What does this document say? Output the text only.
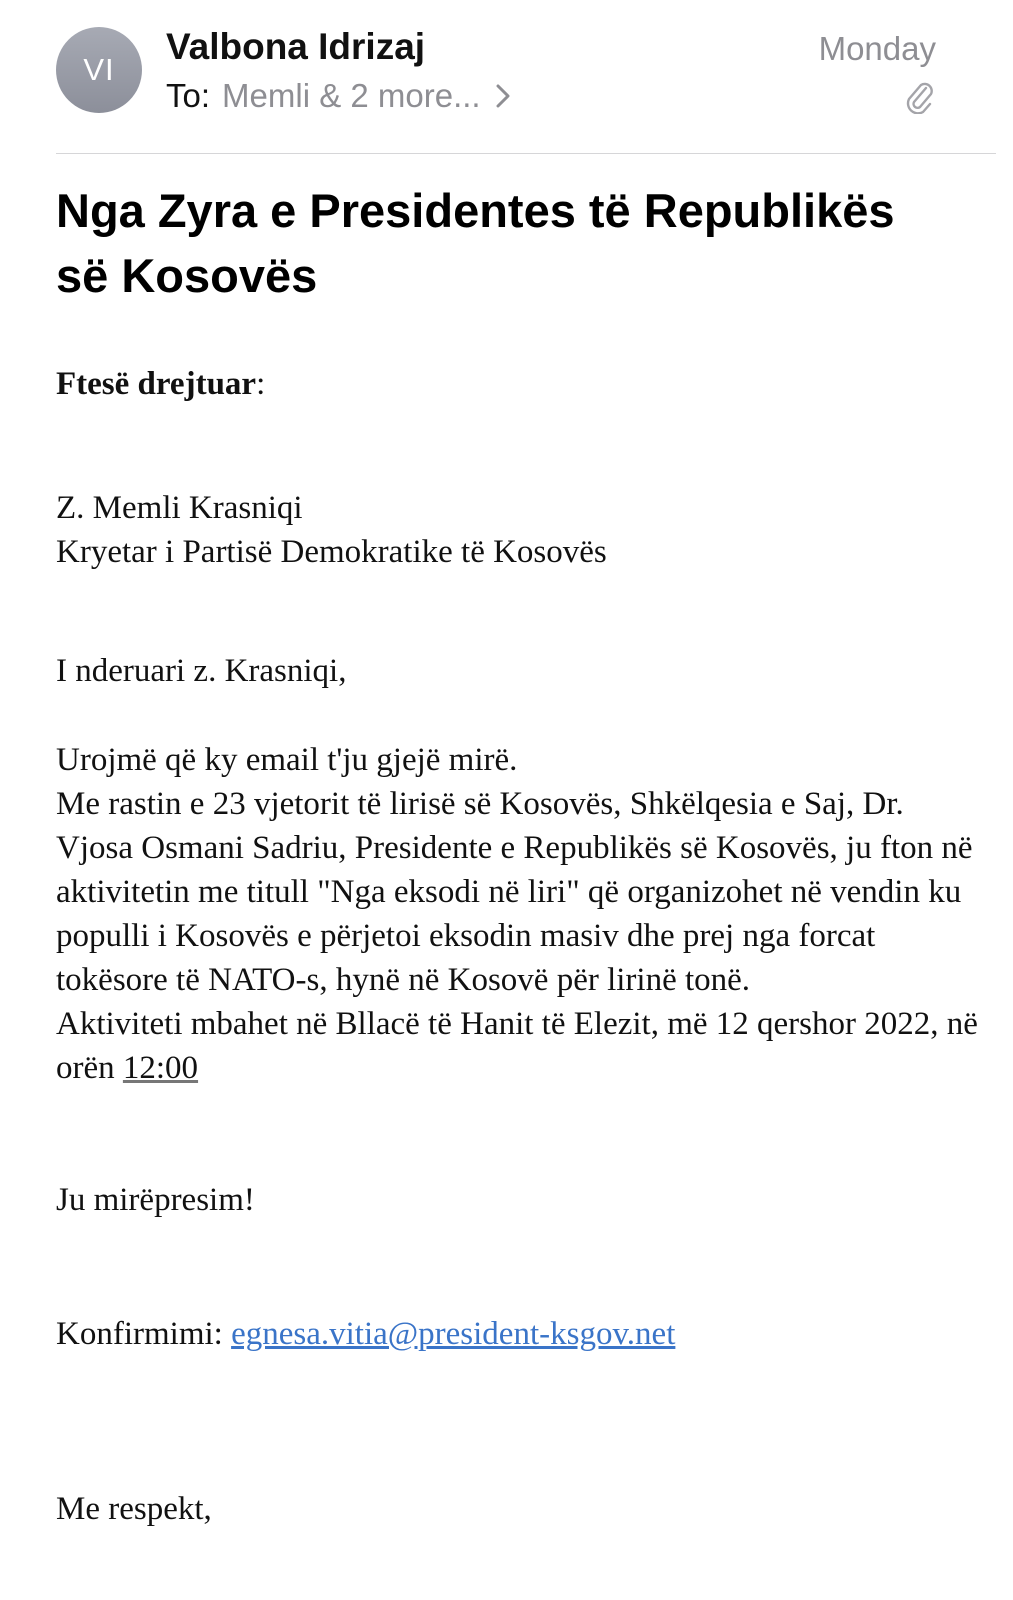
VI
Valbona Idrizaj
To: Memli & 2 more...
Monday
Nga Zyra e Presidentes të Republikës së Kosovës
Ftesë drejtuar:

Z. Memli Krasniqi

Kryetar i Partisë Demokratike të Kosovës

I nderuari z. Krasniqi,

Urojmë që ky email t'ju gjejë mirë.

Me rastin e 23 vjetorit të lirisë së Kosovës, Shkëlqesia e Saj, Dr. Vjosa Osmani Sadriu, Presidente e Republikës së Kosovës, ju fton në aktivitetin me titull "Nga eksodi në liri" që organizohet në vendin ku populli i Kosovës e përjetoi eksodin masiv dhe prej nga forcat tokësore të NATO-s, hynë në Kosovë për lirinë tonë.

Aktiviteti mbahet në Bllacë të Hanit të Elezit, më 12 qershor 2022, në orën 12:00

Ju mirëpresim!
Konfirmimi: egnesa.vitia@president-ksgov.net
Me respekt,
